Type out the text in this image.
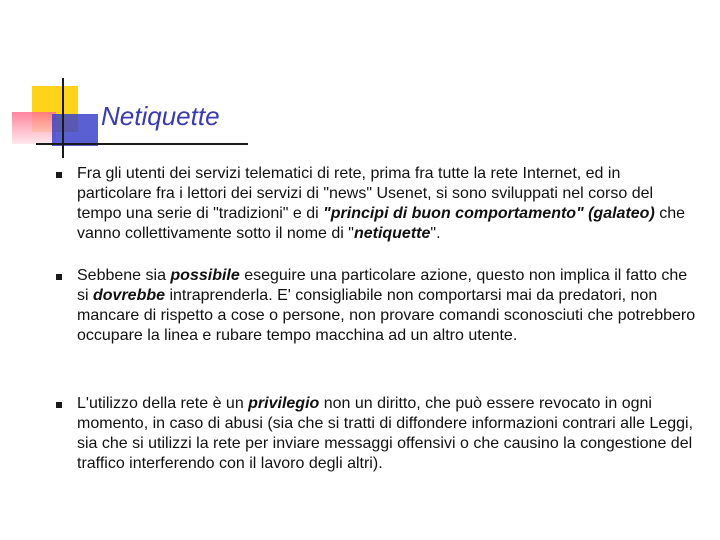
Netiquette

Fra gli utenti dei servizi telematici di rete, prima fra tutte la rete Internet, ed in particolare fra i lettori dei servizi di "news" Usenet, si sono sviluppati nel corso del tempo una serie di "tradizioni" e di "principi di buon comportamento" (galateo) che vanno collettivamente sotto il nome di "netiquette".

Sebbene sia possibile eseguire una particolare azione, questo non implica il fatto che si dovrebbe intraprenderla. E' consigliabile non comportarsi mai da predatori, non mancare di rispetto a cose o persone, non provare comandi sconosciuti che potrebbero occupare la linea e rubare tempo macchina ad un altro utente.

L'utilizzo della rete è un privilegio non un diritto, che può essere revocato in ogni momento, in caso di abusi (sia che si tratti di diffondere informazioni contrari alle Leggi, sia che si utilizzi la rete per inviare messaggi offensivi o che causino la congestione del traffico interferendo con il lavoro degli altri).
